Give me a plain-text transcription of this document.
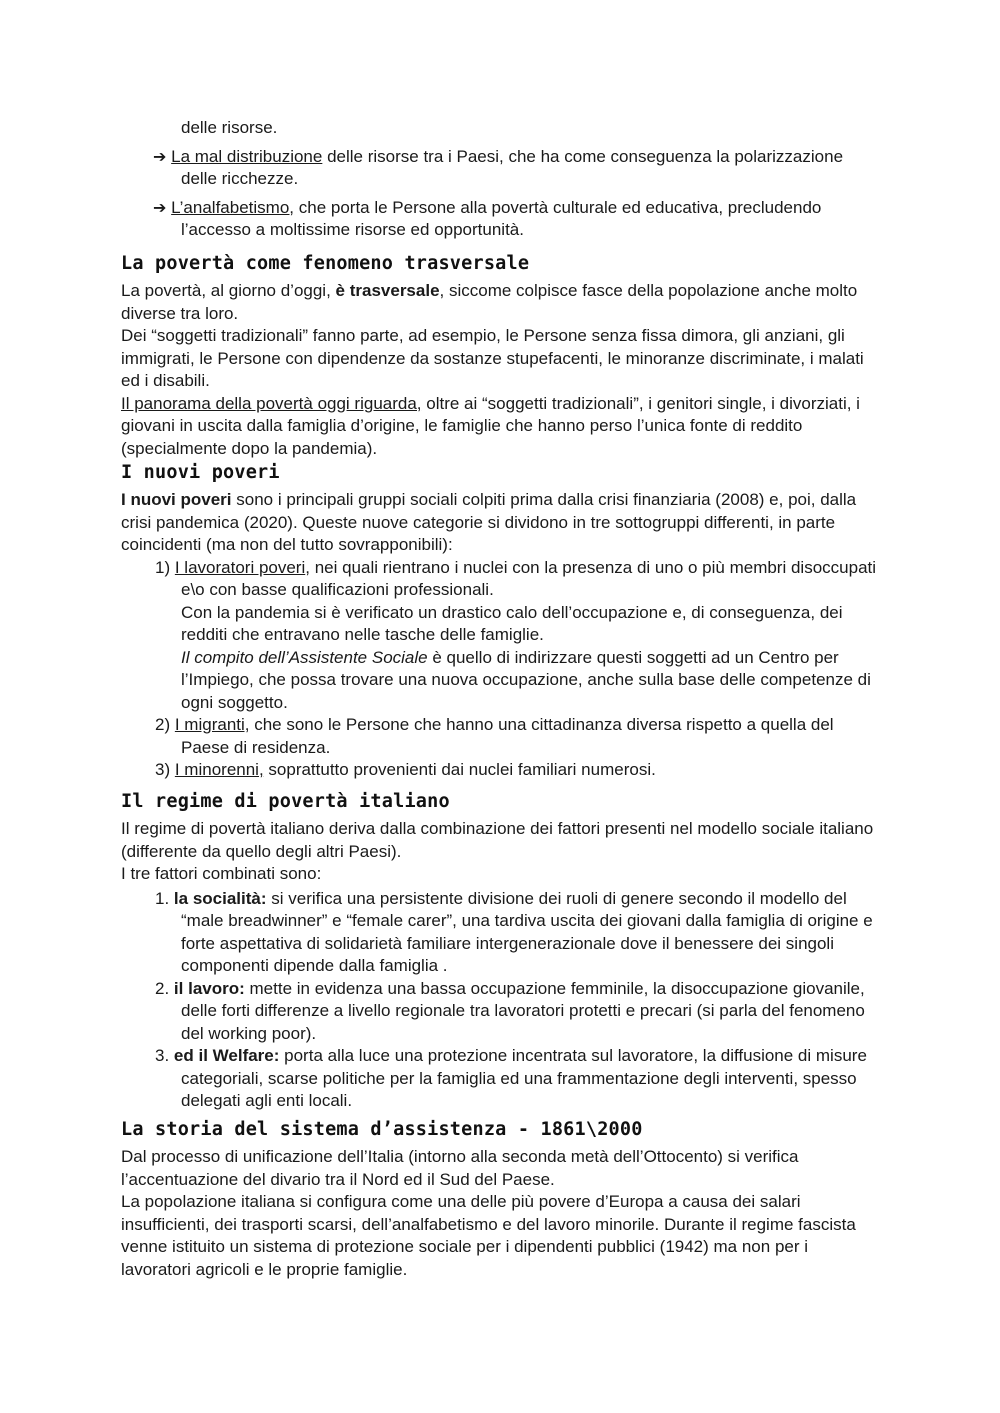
delle risorse.

➔ La mal distribuzione delle risorse tra i Paesi, che ha come conseguenza la polarizzazione delle ricchezze.

➔ L’analfabetismo, che porta le Persone alla povertà culturale ed educativa, precludendo l’accesso a moltissime risorse ed opportunità.

La povertà come fenomeno trasversale

La povertà, al giorno d’oggi, è trasversale, siccome colpisce fasce della popolazione anche molto diverse tra loro.

Dei “soggetti tradizionali” fanno parte, ad esempio, le Persone senza fissa dimora, gli anziani, gli immigrati, le Persone con dipendenze da sostanze stupefacenti, le minoranze discriminate, i malati ed i disabili.

Il panorama della povertà oggi riguarda, oltre ai “soggetti tradizionali”, i genitori single, i divorziati, i giovani in uscita dalla famiglia d’origine, le famiglie che hanno perso l’unica fonte di reddito (specialmente dopo la pandemia).

I nuovi poveri

I nuovi poveri sono i principali gruppi sociali colpiti prima dalla crisi finanziaria (2008) e, poi, dalla crisi pandemica (2020). Queste nuove categorie si dividono in tre sottogruppi differenti, in parte coincidenti (ma non del tutto sovrapponibili):

1) I lavoratori poveri, nei quali rientrano i nuclei con la presenza di uno o più membri disoccupati e\o con basse qualificazioni professionali.

Con la pandemia si è verificato un drastico calo dell’occupazione e, di conseguenza, dei redditi che entravano nelle tasche delle famiglie.

Il compito dell’Assistente Sociale è quello di indirizzare questi soggetti ad un Centro per l’Impiego, che possa trovare una nuova occupazione, anche sulla base delle competenze di ogni soggetto.

2) I migranti, che sono le Persone che hanno una cittadinanza diversa rispetto a quella del Paese di residenza.

3) I minorenni, soprattutto provenienti dai nuclei familiari numerosi.

Il regime di povertà italiano

Il regime di povertà italiano deriva dalla combinazione dei fattori presenti nel modello sociale italiano (differente da quello degli altri Paesi).

I tre fattori combinati sono:

1. la socialità: si verifica una persistente divisione dei ruoli di genere secondo il modello del “male breadwinner” e “female carer”, una tardiva uscita dei giovani dalla famiglia di origine e forte aspettativa di solidarietà familiare intergenerazionale dove il benessere dei singoli componenti dipende dalla famiglia .

2. il lavoro: mette in evidenza una bassa occupazione femminile, la disoccupazione giovanile, delle forti differenze a livello regionale tra lavoratori protetti e precari (si parla del fenomeno del working poor).

3. ed il Welfare: porta alla luce una protezione incentrata sul lavoratore, la diffusione di misure categoriali, scarse politiche per la famiglia ed una frammentazione degli interventi, spesso delegati agli enti locali.

La storia del sistema d’assistenza - 1861\2000

Dal processo di unificazione dell’Italia (intorno alla seconda metà dell’Ottocento) si verifica l’accentuazione del divario tra il Nord ed il Sud del Paese.

La popolazione italiana si configura come una delle più povere d’Europa a causa dei salari insufficienti, dei trasporti scarsi, dell’analfabetismo e del lavoro minorile. Durante il regime fascista venne istituito un sistema di protezione sociale per i dipendenti pubblici (1942) ma non per i lavoratori agricoli e le proprie famiglie.
